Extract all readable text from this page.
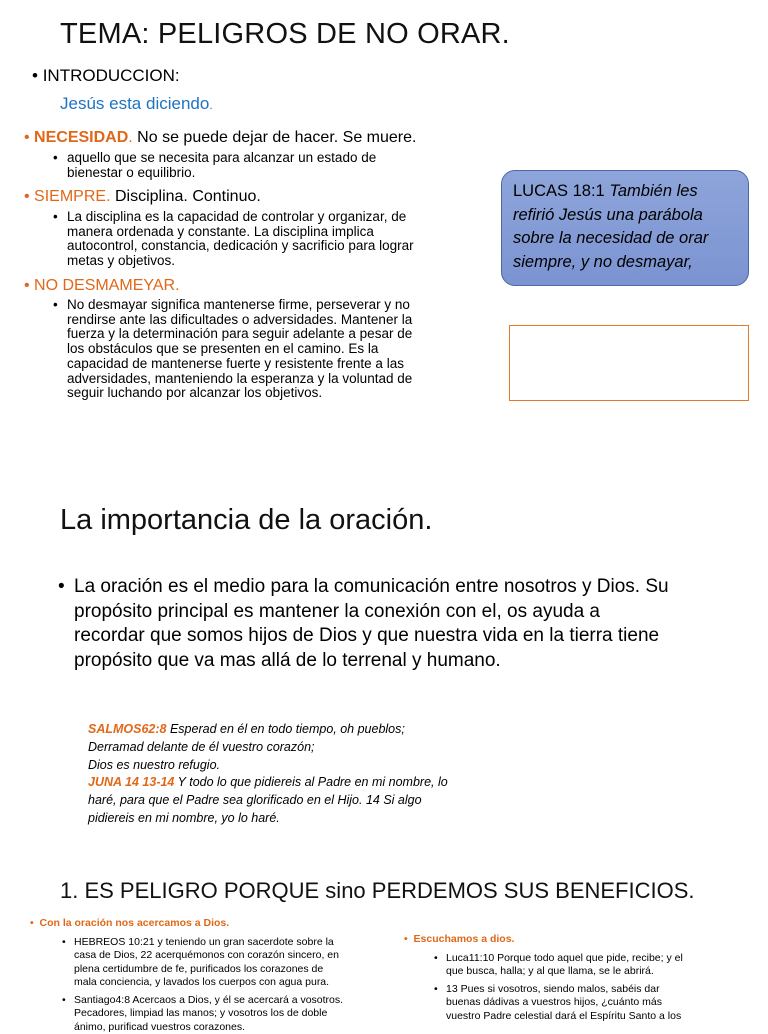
TEMA: PELIGROS DE NO ORAR.
• INTRODUCCION:
Jesús esta diciendo.
• NECESIDAD. No se puede dejar de hacer. Se muere.
• aquello que se necesita para alcanzar un estado de
bienestar o equilibrio.
• SIEMPRE. Disciplina. Continuo.
• La disciplina es la capacidad de controlar y organizar, de
manera ordenada y constante. La disciplina implica
autocontrol, constancia, dedicación y sacrificio para lograr
metas y objetivos.
• NO DESMAMEYAR.
• No desmayar significa mantenerse firme, perseverar y no
rendirse ante las dificultades o adversidades. Mantener la
fuerza y la determinación para seguir adelante a pesar de
los obstáculos que se presenten en el camino. Es la
capacidad de mantenerse fuerte y resistente frente a las
adversidades, manteniendo la esperanza y la voluntad de
seguir luchando por alcanzar los objetivos.
LUCAS 18:1 También les refirió Jesús una parábola sobre la necesidad de orar siempre, y no desmayar,
La importancia de la oración.
• La oración es el medio para la comunicación entre nosotros y Dios. Su
propósito principal es mantener la conexión con el, os ayuda a
recordar que somos hijos de Dios y que nuestra vida en la tierra tiene
propósito que va mas allá de lo terrenal y humano.
SALMOS62:8 Esperad en él en todo tiempo, oh pueblos;
Derramad delante de él vuestro corazón;
Dios es nuestro refugio.
JUNA 14 13-14 Y todo lo que pidiereis al Padre en mi nombre, lo
haré, para que el Padre sea glorificado en el Hijo. 14 Si algo
pidiereis en mi nombre, yo lo haré.
1. ES PELIGRO PORQUE sino PERDEMOS SUS BENEFICIOS.
•  Con la oración nos acercamos a Dios.
• HEBREOS 10:21 y teniendo un gran sacerdote sobre la
casa de Dios, 22 acerquémonos con corazón sincero, en
plena certidumbre de fe, purificados los corazones de
mala conciencia, y lavados los cuerpos con agua pura.
• Santiago4:8 Acercaos a Dios, y él se acercará a vosotros.
Pecadores, limpiad las manos; y vosotros los de doble
ánimo, purificad vuestros corazones.
•  Escuchamos a dios.
• Luca11:10 Porque todo aquel que pide, recibe; y el
que busca, halla; y al que llama, se le abrirá.
• 13 Pues si vosotros, siendo malos, sabéis dar
buenas dádivas a vuestros hijos, ¿cuánto más
vuestro Padre celestial dará el Espíritu Santo a los
